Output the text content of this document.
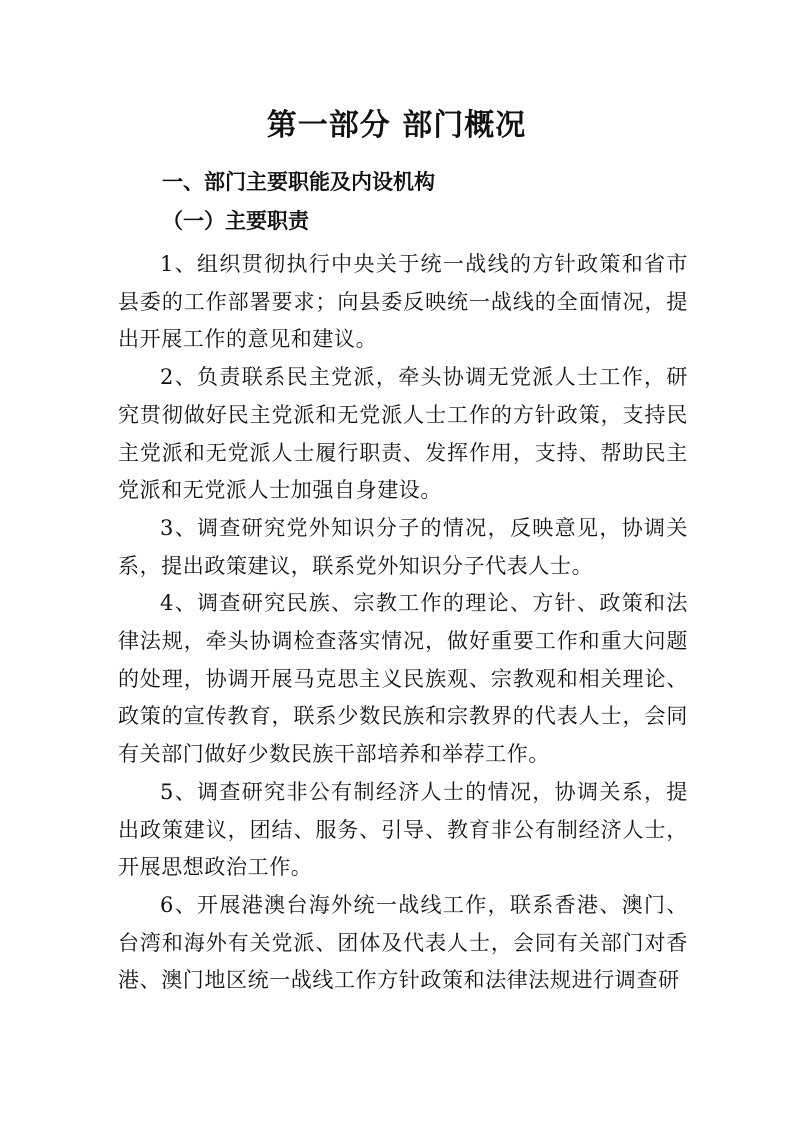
第一部分 部门概况
一、部门主要职能及内设机构
（一）主要职责

1、组织贯彻执行中央关于统一战线的方针政策和省市县委的工作部署要求；向县委反映统一战线的全面情况，提出开展工作的意见和建议。

2、负责联系民主党派，牵头协调无党派人士工作，研究贯彻做好民主党派和无党派人士工作的方针政策，支持民主党派和无党派人士履行职责、发挥作用，支持、帮助民主党派和无党派人士加强自身建设。

3、调查研究党外知识分子的情况，反映意见，协调关系，提出政策建议，联系党外知识分子代表人士。

4、调查研究民族、宗教工作的理论、方针、政策和法律法规，牵头协调检查落实情况，做好重要工作和重大问题的处理，协调开展马克思主义民族观、宗教观和相关理论、政策的宣传教育，联系少数民族和宗教界的代表人士，会同有关部门做好少数民族干部培养和举荐工作。

5、调查研究非公有制经济人士的情况，协调关系，提出政策建议，团结、服务、引导、教育非公有制经济人士，开展思想政治工作。

6、开展港澳台海外统一战线工作，联系香港、澳门、台湾和海外有关党派、团体及代表人士，会同有关部门对香港、澳门地区统一战线工作方针政策和法律法规进行调查研
